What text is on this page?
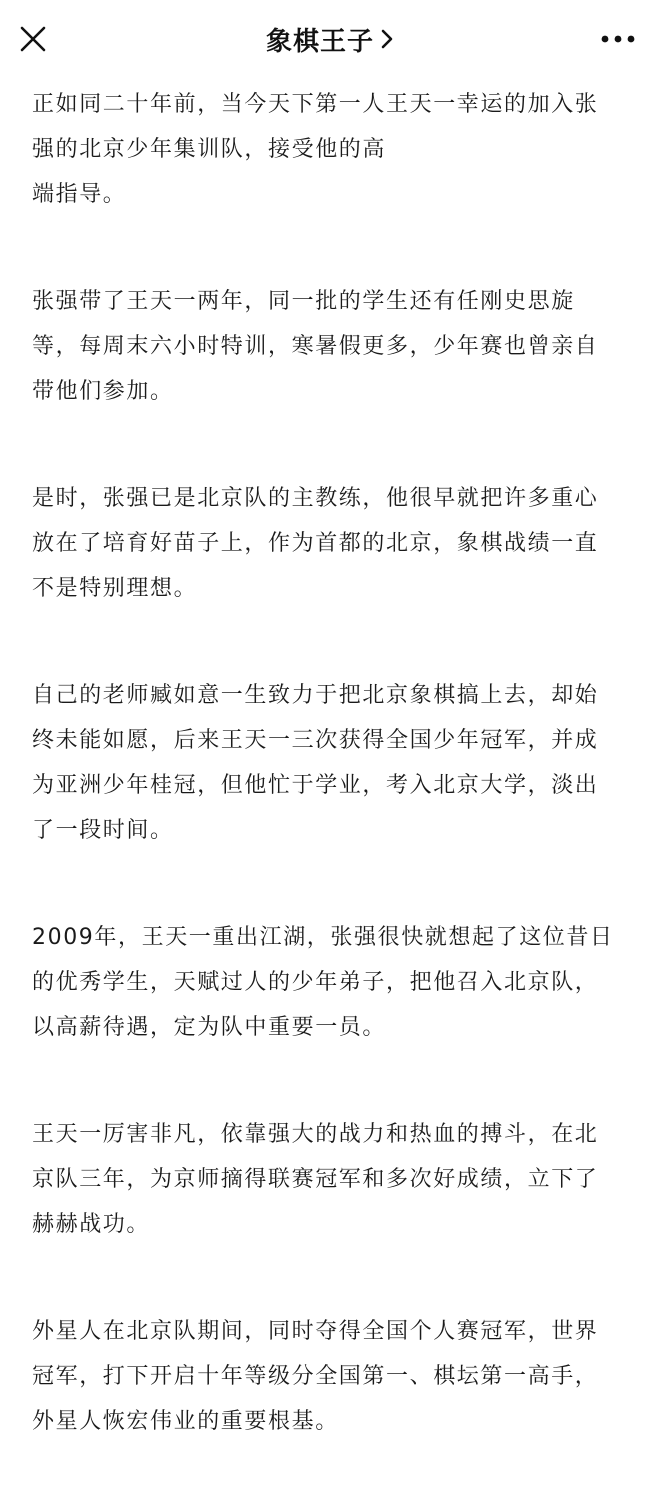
象棋王子

正如同二十年前，当今天下第一人王天一幸运的加入张
强的北京少年集训队，接受他的高
端指导。

张强带了王天一两年，同一批的学生还有任刚史思旋
等，每周末六小时特训，寒暑假更多，少年赛也曾亲自
带他们参加。

是时，张强已是北京队的主教练，他很早就把许多重心
放在了培育好苗子上，作为首都的北京，象棋战绩一直
不是特别理想。

自己的老师臧如意一生致力于把北京象棋搞上去，却始
终未能如愿，后来王天一三次获得全国少年冠军，并成
为亚洲少年桂冠，但他忙于学业，考入北京大学，淡出
了一段时间。

2009年，王天一重出江湖，张强很快就想起了这位昔日
的优秀学生，天赋过人的少年弟子，把他召入北京队，
以高薪待遇，定为队中重要一员。

王天一厉害非凡，依靠强大的战力和热血的搏斗，在北
京队三年，为京师摘得联赛冠军和多次好成绩，立下了
赫赫战功。

外星人在北京队期间，同时夺得全国个人赛冠军，世界
冠军，打下开启十年等级分全国第一、棋坛第一高手，
外星人恢宏伟业的重要根基。
